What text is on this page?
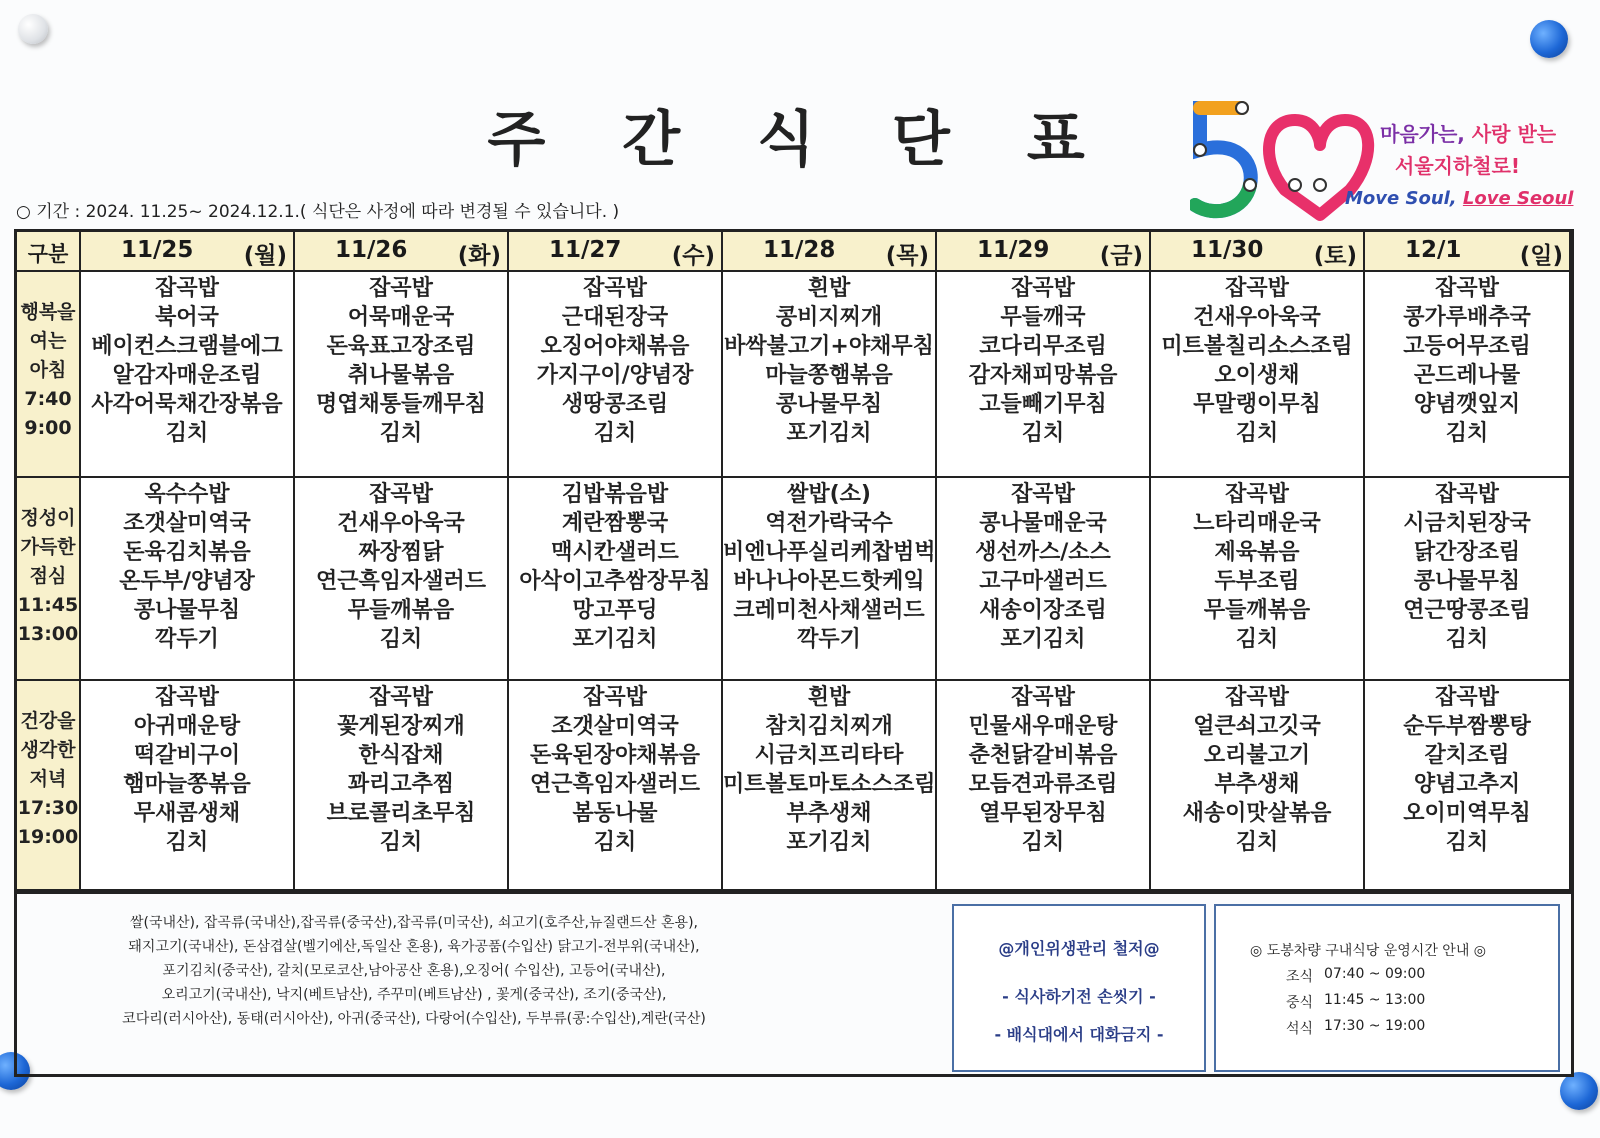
주 간 식 단 표
○ 기간 : 2024. 11.25~ 2024.12.1.( 식단은 사정에 따라 변경될 수 있습니다. )
마음가는, 사랑 받는
서울지하철로!
Move Soul, Love Seoul
구분	11/25 (월) 11/26 (화) 11/27 (수) 11/28 (목) 11/29 (금) 11/30 (토) 12/1	(일)
행복을
여는
아침
7:40
9:00
잡곡밥
북어국
베이컨스크램블에그
알감자매운조림
사각어묵채간장볶음
김치
잡곡밥
어묵매운국
돈육표고장조림
취나물볶음
명엽채통들깨무침
김치
잡곡밥
근대된장국
오징어야채볶음
가지구이/양념장
생땅콩조림
김치
흰밥
콩비지찌개
바싹불고기+야채무침
마늘쫑햄볶음
콩나물무침
포기김치
잡곡밥
무들깨국
코다리무조림
감자채피망볶음
고들빼기무침
김치
잡곡밥
건새우아욱국
미트볼칠리소스조림
오이생채
무말랭이무침
김치
잡곡밥
콩가루배추국
고등어무조림
곤드레나물
양념깻잎지
김치
정성이
가득한
점심
11:45
13:00
옥수수밥
조갯살미역국
돈육김치볶음
온두부/양념장
콩나물무침
깍두기
잡곡밥
건새우아욱국
짜장찜닭
연근흑임자샐러드
무들깨볶음
김치
김밥볶음밥
계란짬뽕국
맥시칸샐러드
아삭이고추쌈장무침
망고푸딩
포기김치
쌀밥(소)
역전가락국수
비엔나푸실리케찹범벅
바나나아몬드핫케잌
크레미천사채샐러드
깍두기
잡곡밥
콩나물매운국
생선까스/소스
고구마샐러드
새송이장조림
포기김치
잡곡밥
느타리매운국
제육볶음
두부조림
무들깨볶음
김치
잡곡밥
시금치된장국
닭간장조림
콩나물무침
연근땅콩조림
김치
건강을
생각한
저녁
17:30
19:00
잡곡밥
아귀매운탕
떡갈비구이
햄마늘쫑볶음
무새콤생채
김치
잡곡밥
꽃게된장찌개
한식잡채
꽈리고추찜
브로콜리초무침
김치
잡곡밥
조갯살미역국
돈육된장야채볶음
연근흑임자샐러드
봄동나물
김치
흰밥
참치김치찌개
시금치프리타타
미트볼토마토소스조림
부추생채
포기김치
잡곡밥
민물새우매운탕
춘천닭갈비볶음
모듬견과류조림
열무된장무침
김치
잡곡밥
얼큰쇠고깃국
오리불고기
부추생채
새송이맛살볶음
김치
잡곡밥
순두부짬뽕탕
갈치조림
양념고추지
오이미역무침
김치
쌀(국내산), 잡곡류(국내산),잡곡류(중국산),잡곡류(미국산), 쇠고기(호주산,뉴질랜드산 혼용),
돼지고기(국내산), 돈삼겹살(벨기에산,독일산 혼용), 육가공품(수입산) 닭고기-전부위(국내산),
포기김치(중국산), 갈치(모로코산,남아공산 혼용),오징어( 수입산), 고등어(국내산),
오리고기(국내산), 낙지(베트남산), 주꾸미(베트남산) , 꽃게(중국산), 조기(중국산),
코다리(러시아산), 동태(러시아산), 아귀(중국산), 다랑어(수입산), 두부류(콩:수입산),계란(국산)
@개인위생관리 철저@
- 식사하기전 손씻기 -
- 배식대에서 대화금지 -
◎ 도봉차량 구내식당 운영시간 안내 ◎
조식 07:40 ~ 09:00
중식 11:45 ~ 13:00
석식 17:30 ~ 19:00
